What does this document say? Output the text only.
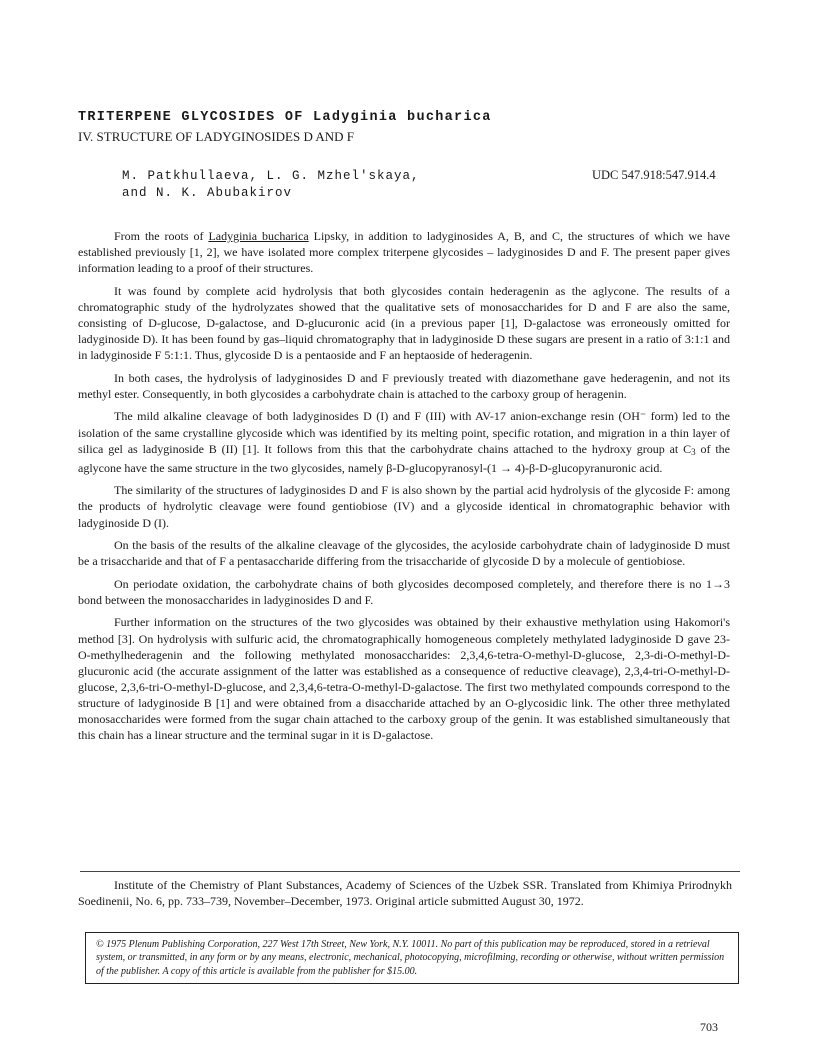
TRITERPENE GLYCOSIDES OF Ladyginia bucharica
IV. STRUCTURE OF LADYGINOSIDES D AND F
M. Patkhullaeva, L. G. Mzhel'skaya,
and N. K. Abubakirov
UDC 547.918:547.914.4

From the roots of Ladyginia bucharica Lipsky, in addition to ladyginosides A, B, and C, the structures of which we have established previously [1, 2], we have isolated more complex triterpene glycosides – ladyginosides D and F. The present paper gives information leading to a proof of their structures.

It was found by complete acid hydrolysis that both glycosides contain hederagenin as the aglycone. The results of a chromatographic study of the hydrolyzates showed that the qualitative sets of monosaccharides for D and F are also the same, consisting of D-glucose, D-galactose, and D-glucuronic acid (in a previous paper [1], D-galactose was erroneously omitted for ladyginoside D). It has been found by gas–liquid chromatography that in ladyginoside D these sugars are present in a ratio of 3:1:1 and in ladyginoside F 5:1:1. Thus, glycoside D is a pentaoside and F an heptaoside of hederagenin.

In both cases, the hydrolysis of ladyginosides D and F previously treated with diazomethane gave hederagenin, and not its methyl ester. Consequently, in both glycosides a carbohydrate chain is attached to the carboxy group of heragenin.

The mild alkaline cleavage of both ladyginosides D (I) and F (III) with AV-17 anion-exchange resin (OH⁻ form) led to the isolation of the same crystalline glycoside which was identified by its melting point, specific rotation, and migration in a thin layer of silica gel as ladyginoside B (II) [1]. It follows from this that the carbohydrate chains attached to the hydroxy group at $C_3$ of the aglycone have the same structure in the two glycosides, namely β-D-glucopyranosyl-(1 → 4)-β-D-glucopyranuronic acid.

The similarity of the structures of ladyginosides D and F is also shown by the partial acid hydrolysis of the glycoside F: among the products of hydrolytic cleavage were found gentiobiose (IV) and a glycoside identical in chromatographic behavior with ladyginoside D (I).

On the basis of the results of the alkaline cleavage of the glycosides, the acyloside carbohydrate chain of ladyginoside D must be a trisaccharide and that of F a pentasaccharide differing from the trisaccharide of glycoside D by a molecule of gentiobiose.

On periodate oxidation, the carbohydrate chains of both glycosides decomposed completely, and therefore there is no 1→3 bond between the monosaccharides in ladyginosides D and F.

Further information on the structures of the two glycosides was obtained by their exhaustive methylation using Hakomori's method [3]. On hydrolysis with sulfuric acid, the chromatographically homogeneous completely methylated ladyginoside D gave 23-O-methylhederagenin and the following methylated monosaccharides: 2,3,4,6-tetra-O-methyl-D-glucose, 2,3-di-O-methyl-D-glucuronic acid (the accurate assignment of the latter was established as a consequence of reductive cleavage), 2,3,4-tri-O-methyl-D-glucose, 2,3,6-tri-O-methyl-D-glucose, and 2,3,4,6-tetra-O-methyl-D-galactose. The first two methylated compounds correspond to the structure of ladyginoside B [1] and were obtained from a disaccharide attached by an O-glycosidic link. The other three methylated monosaccharides were formed from the sugar chain attached to the carboxy group of the genin. It was established simultaneously that this chain has a linear structure and the terminal sugar in it is D-galactose.

Institute of the Chemistry of Plant Substances, Academy of Sciences of the Uzbek SSR. Translated from Khimiya Prirodnykh Soedinenii, No. 6, pp. 733–739, November–December, 1973. Original article submitted August 30, 1972.
© 1975 Plenum Publishing Corporation, 227 West 17th Street, New York, N.Y. 10011. No part of this publication may be reproduced, stored in a retrieval system, or transmitted, in any form or by any means, electronic, mechanical, photocopying, microfilming, recording or otherwise, without written permission of the publisher. A copy of this article is available from the publisher for $15.00.
703
